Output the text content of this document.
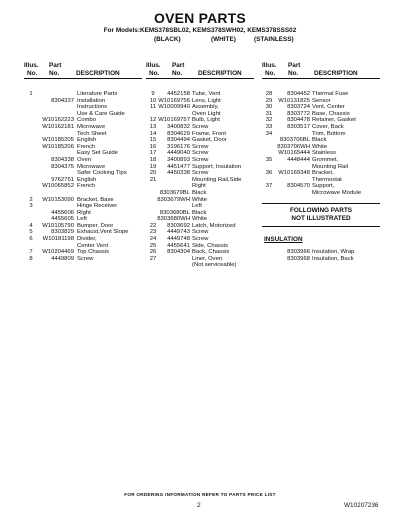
OVEN PARTS
For Models:KEMS378SBL02, KEMS378SWH02, KEMS378SSS02
(BLACK)	(WHITE)	(STAINLESS)
Illus.
No.
Part
No.	DESCRIPTION
1	Literature Parts
8304337 Installation
Instructions
Use & Care Guide
W10162223 Combo
W10162181 Microwave
Tech Sheet
W10185205 English
W10185206 French
Easy Set Guide
8304338 Oven
8304375 Microwave
Safer Cooking Tips
9762761 English
W10065852 French
2	W10153090 Bracket, Base
3	Hinge Receiver
4455606 Right
4455605 Left
4	W10105790 Bumper, Door
5	8303829 Exhaust,Vent Slope
6	W10181198 Divider,
Center Vent
7	W10204469 Top Chassis
8	4449809 Screw
Illus.
No.
Part
No.	DESCRIPTION
9	4452158 Tube, Vent
10 W10169756 Lens, Light
11 W10009940 Assembly,
Oven Light
12 W10169757 Bulb, Light
13	3400832 Screw
14	8304629 Frame, Front
15	8304494 Gasket, Door
16	3196176 Screw
17	4449040 Screw
18	3400893 Screw
19	4451477 Support, Insulation
20	4450338 Screw
21	Mounting Rail,Side
Right
8303679BL Black
8303679WH White
Left
8303680BL Black
8303680WH White
22	8303692 Latch, Motorized
23	4449743 Screw
24	4449748 Screw
25	4455641 Side, Chassis
26	8304304 Back, Chassis
27	Liner, Oven
(Not serviceable)
Illus.
No.
Part
No.	DESCRIPTION
28	8304452 Thermal Fuse
29	W10131825 Sensor
30	8303724 Vent, Center
31	8303772 Base, Chassis
32	8304478 Retainer, Gasket
33	8303517 Cover, Back
34	Trim, Bottom
8303706BL Black
8303706WH White
W10165444 Stainless
35	4448444 Grommet,
Mounting Rail
36	W10169348 Bracket,
Thermostat
37	8304570 Support,
Microwave Module
FOLLOWING PARTS
NOT ILLUSTRATED
INSULATION
8303966 Insulation, Wrap
8303968 Insulation, Back
FOR ORDERING INFORMATION REFER TO PARTS PRICE LIST
2	W10207236
